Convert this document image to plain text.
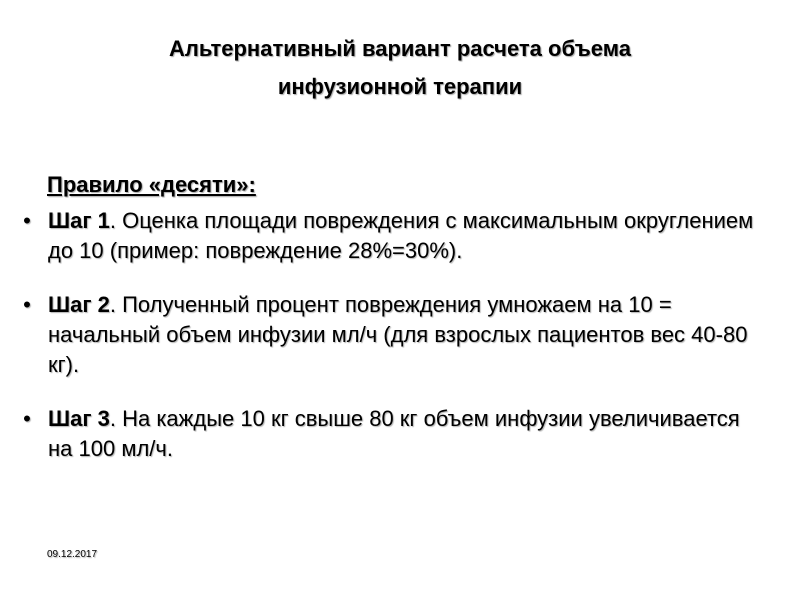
Альтернативный вариант расчета объема
инфузионной терапии
Правило «десяти»:
• Шаг 1. Оценка площади повреждения с максимальным округлением до 10 (пример: повреждение 28%=30%).
• Шаг 2. Полученный процент повреждения умножаем на 10 = начальный объем инфузии мл/ч (для взрослых пациентов вес 40-80 кг).
• Шаг 3. На каждые 10 кг свыше 80 кг объем инфузии увеличивается на 100 мл/ч.
09.12.2017
